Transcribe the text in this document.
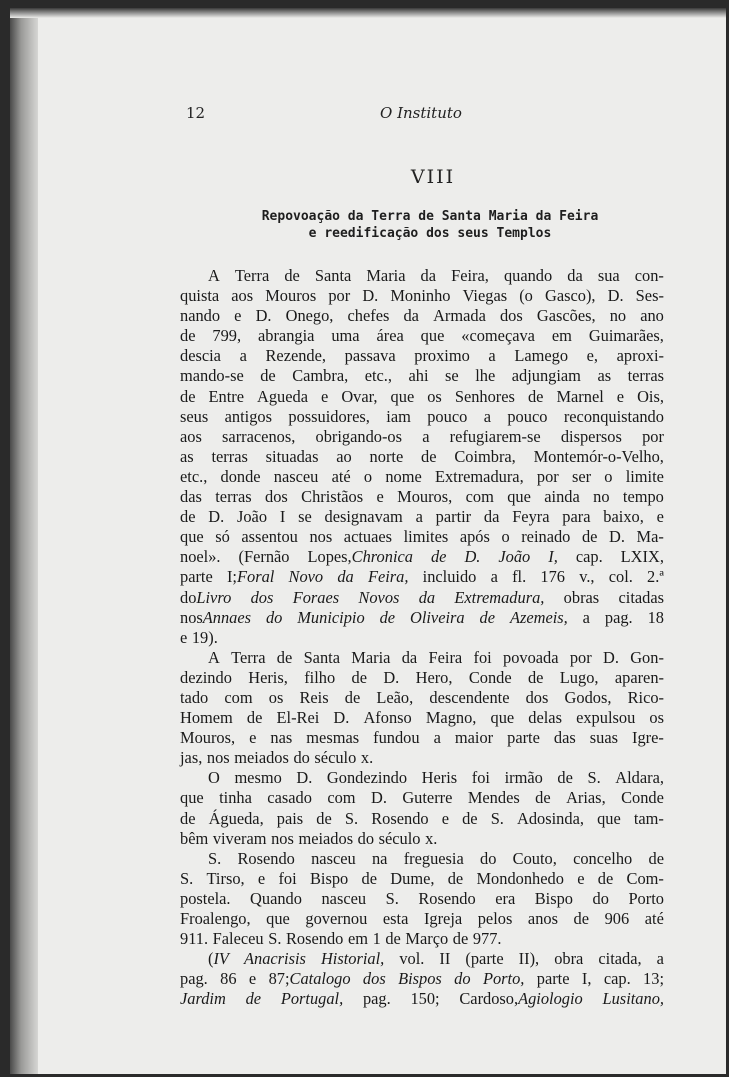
12	O Instituto
VIII
Repovoação da Terra de Santa Maria da Feira
e reedificação dos seus Templos
A Terra de Santa Maria da Feira, quando da sua con-
quista aos Mouros por D. Moninho Viegas (o Gasco), D. Ses-
nando e D. Onego, chefes da Armada dos Gascões, no ano
de 799, abrangia uma área que «começava em Guimarães,
descia a Rezende, passava proximo a Lamego e, aproxi-
mando-se de Cambra, etc., ahi se lhe adjungiam as terras
de Entre Agueda e Ovar, que os Senhores de Marnel e Ois,
seus antigos possuidores, iam pouco a pouco reconquistando
aos sarracenos, obrigando-os a refugiarem-se dispersos por
as terras situadas ao norte de Coimbra, Montemór-o-Velho,
etc., donde nasceu até o nome Extremadura, por ser o limite
das terras dos Christãos e Mouros, com que ainda no tempo
de D. João I se designavam a partir da Feyra para baixo, e
que só assentou nos actuaes limites após o reinado de D. Ma-
noel». (Fernão Lopes,Chronica de D. João I, cap. LXIX,
parte I;Foral Novo da Feira, incluido a fl. 176 v., col. 2.ª
doLivro dos Foraes Novos da Extremadura, obras citadas
nosAnnaes do Municipio de Oliveira de Azemeis, a pag. 18
e 19).
A Terra de Santa Maria da Feira foi povoada por D. Gon-
dezindo Heris, filho de D. Hero, Conde de Lugo, aparen-
tado com os Reis de Leão, descendente dos Godos, Rico-
Homem de El-Rei D. Afonso Magno, que delas expulsou os
Mouros, e nas mesmas fundou a maior parte das suas Igre-
jas, nos meiados do século x.
O mesmo D. Gondezindo Heris foi irmão de S. Aldara,
que tinha casado com D. Guterre Mendes de Arias, Conde
de Águeda, pais de S. Rosendo e de S. Adosinda, que tam-
bêm viveram nos meiados do século x.
S. Rosendo nasceu na freguesia do Couto, concelho de
S. Tirso, e foi Bispo de Dume, de Mondonhedo e de Com-
postela. Quando nasceu S. Rosendo era Bispo do Porto
Froalengo, que governou esta Igreja pelos anos de 906 até
911. Faleceu S. Rosendo em 1 de Março de 977.
(IV Anacrisis Historial, vol. II (parte II), obra citada, a
pag. 86 e 87;Catalogo dos Bispos do Porto, parte I, cap. 13;
Jardim de Portugal, pag. 150; Cardoso,Agiologio Lusitano,
